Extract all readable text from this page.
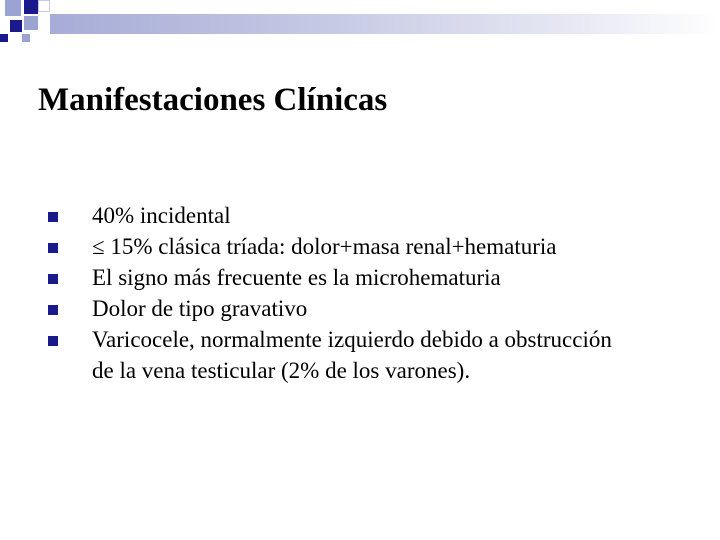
Manifestaciones Clínicas
40% incidental
≤ 15% clásica tríada: dolor+masa renal+hematuria
El signo más frecuente es la microhematuria
Dolor de tipo gravativo
Varicocele, normalmente izquierdo debido a obstrucción de la vena testicular (2% de los varones).
